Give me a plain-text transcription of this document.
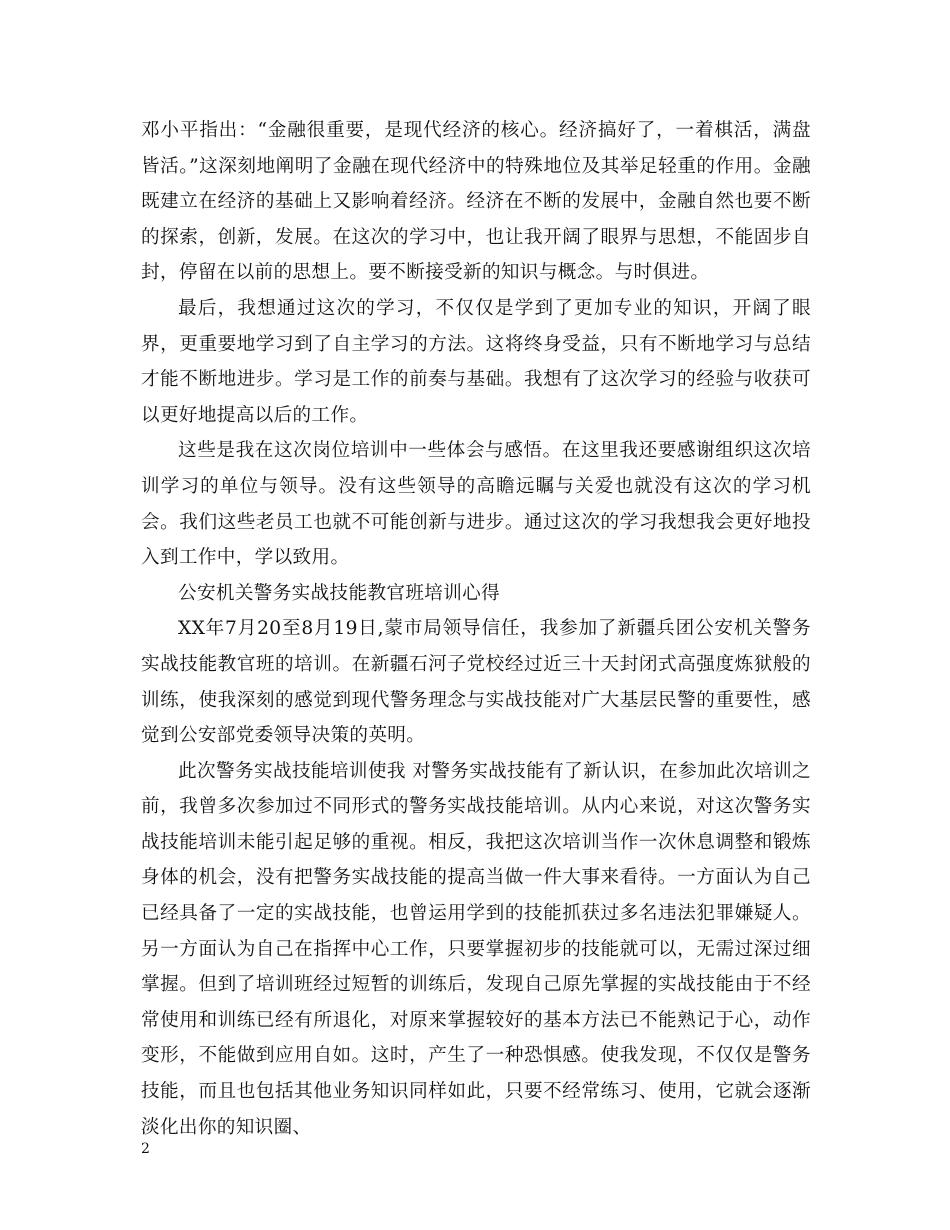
邓小平指出：“金融很重要，是现代经济的核心。经济搞好了，一着棋活，满盘皆活。”这深刻地阐明了金融在现代经济中的特殊地位及其举足轻重的作用。金融既建立在经济的基础上又影响着经济。经济在不断的发展中，金融自然也要不断的探索，创新，发展。在这次的学习中，也让我开阔了眼界与思想，不能固步自封，停留在以前的思想上。要不断接受新的知识与概念。与时俱进。

最后，我想通过这次的学习，不仅仅是学到了更加专业的知识，开阔了眼界，更重要地学习到了自主学习的方法。这将终身受益，只有不断地学习与总结才能不断地进步。学习是工作的前奏与基础。我想有了这次学习的经验与收获可以更好地提高以后的工作。

这些是我在这次岗位培训中一些体会与感悟。在这里我还要感谢组织这次培训学习的单位与领导。没有这些领导的高瞻远瞩与关爱也就没有这次的学习机会。我们这些老员工也就不可能创新与进步。通过这次的学习我想我会更好地投入到工作中，学以致用。

公安机关警务实战技能教官班培训心得

XX年7月20至8月19日,蒙市局领导信任，我参加了新疆兵团公安机关警务实战技能教官班的培训。在新疆石河子党校经过近三十天封闭式高强度炼狱般的训练，使我深刻的感觉到现代警务理念与实战技能对广大基层民警的重要性，感觉到公安部党委领导决策的英明。

此次警务实战技能培训使我 对警务实战技能有了新认识，在参加此次培训之前，我曾多次参加过不同形式的警务实战技能培训。从内心来说，对这次警务实战技能培训未能引起足够的重视。相反，我把这次培训当作一次休息调整和锻炼身体的机会，没有把警务实战技能的提高当做一件大事来看待。一方面认为自己已经具备了一定的实战技能，也曾运用学到的技能抓获过多名违法犯罪嫌疑人。另一方面认为自己在指挥中心工作，只要掌握初步的技能就可以，无需过深过细掌握。但到了培训班经过短暂的训练后，发现自己原先掌握的实战技能由于不经常使用和训练已经有所退化，对原来掌握较好的基本方法已不能熟记于心，动作变形，不能做到应用自如。这时，产生了一种恐惧感。使我发现，不仅仅是警务技能，而且也包括其他业务知识同样如此，只要不经常练习、使用，它就会逐渐淡化出你的知识圈、

2
